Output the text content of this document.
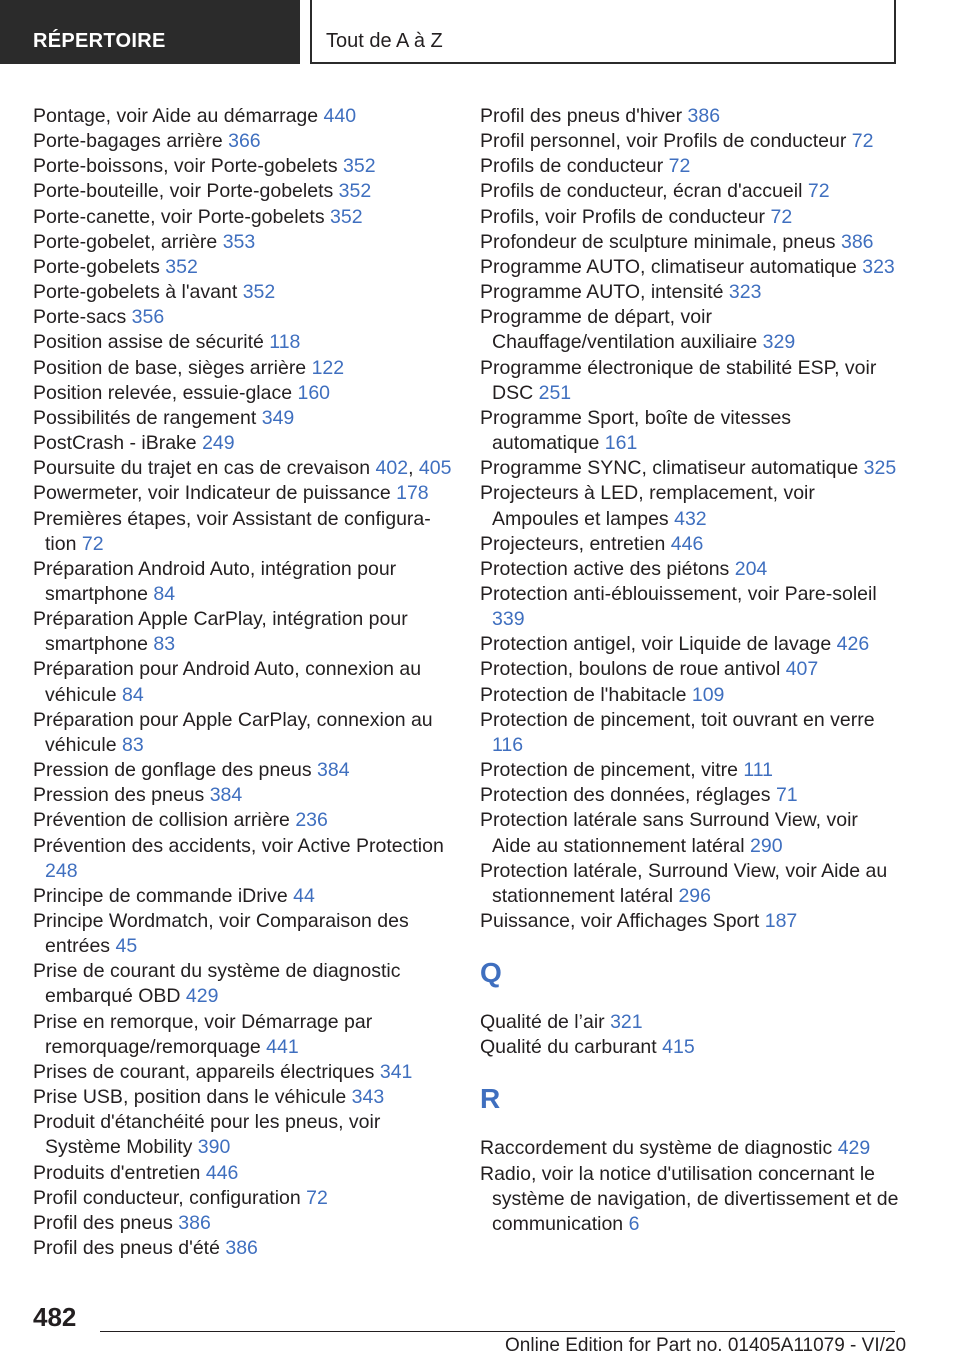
RÉPERTOIRE	Tout de A à Z
Pontage, voir Aide au démarrage 440
Porte-bagages arrière 366
Porte-boissons, voir Porte-gobelets 352
Porte-bouteille, voir Porte-gobelets 352
Porte-canette, voir Porte-gobelets 352
Porte-gobelet, arrière 353
Porte-gobelets 352
Porte-gobelets à l'avant 352
Porte-sacs 356
Position assise de sécurité 118
Position de base, sièges arrière 122
Position relevée, essuie-glace 160
Possibilités de rangement 349
PostCrash - iBrake 249
Poursuite du trajet en cas de crevaison 402, 405
Powermeter, voir Indicateur de puissance 178
Premières étapes, voir Assistant de configuration 72
Préparation Android Auto, intégration pour smartphone 84
Préparation Apple CarPlay, intégration pour smartphone 83
Préparation pour Android Auto, connexion au véhicule 84
Préparation pour Apple CarPlay, connexion au véhicule 83
Pression de gonflage des pneus 384
Pression des pneus 384
Prévention de collision arrière 236
Prévention des accidents, voir Active Protection 248
Principe de commande iDrive 44
Principe Wordmatch, voir Comparaison des entrées 45
Prise de courant du système de diagnostic embarqué OBD 429
Prise en remorque, voir Démarrage par remorquage/remorquage 441
Prises de courant, appareils électriques 341
Prise USB, position dans le véhicule 343
Produit d'étanchéité pour les pneus, voir Système Mobility 390
Produits d'entretien 446
Profil conducteur, configuration 72
Profil des pneus 386
Profil des pneus d'été 386
Profil des pneus d'hiver 386
Profil personnel, voir Profils de conducteur 72
Profils de conducteur 72
Profils de conducteur, écran d'accueil 72
Profils, voir Profils de conducteur 72
Profondeur de sculpture minimale, pneus 386
Programme AUTO, climatiseur automatique 323
Programme AUTO, intensité 323
Programme de départ, voir Chauffage/ventilation auxiliaire 329
Programme électronique de stabilité ESP, voir DSC 251
Programme Sport, boîte de vitesses automatique 161
Programme SYNC, climatiseur automatique 325
Projecteurs à LED, remplacement, voir Ampoules et lampes 432
Projecteurs, entretien 446
Protection active des piétons 204
Protection anti-éblouissement, voir Pare-soleil 339
Protection antigel, voir Liquide de lavage 426
Protection, boulons de roue antivol 407
Protection de l'habitacle 109
Protection de pincement, toit ouvrant en verre 116
Protection de pincement, vitre 111
Protection des données, réglages 71
Protection latérale sans Surround View, voir Aide au stationnement latéral 290
Protection latérale, Surround View, voir Aide au stationnement latéral 296
Puissance, voir Affichages Sport 187
Q
Qualité de l’air 321
Qualité du carburant 415
R
Raccordement du système de diagnostic 429
Radio, voir la notice d'utilisation concernant le système de navigation, de divertissement et de communication 6
482
Online Edition for Part no. 01405A11079 - VI/20
